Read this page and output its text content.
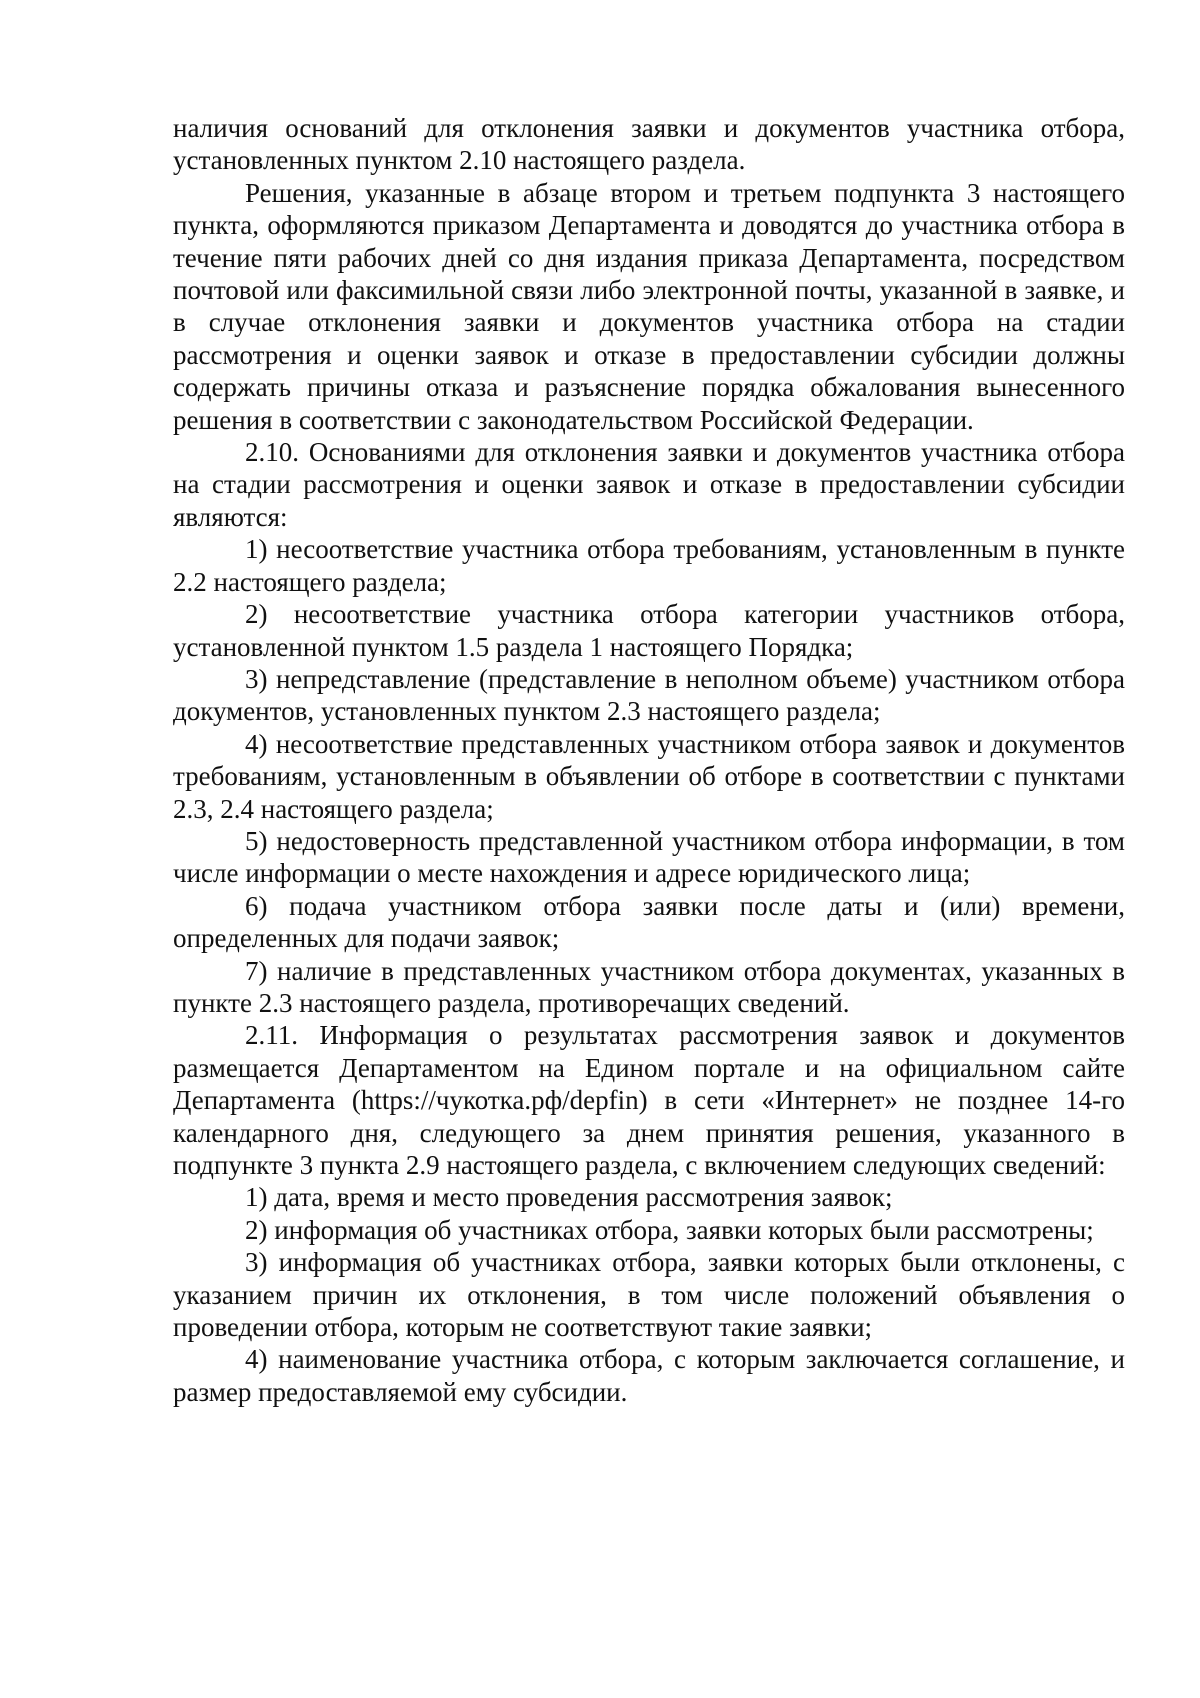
наличия оснований для отклонения заявки и документов участника отбора, установленных пунктом 2.10 настоящего раздела.

Решения, указанные в абзаце втором и третьем подпункта 3 настоящего пункта, оформляются приказом Департамента и доводятся до участника отбора в течение пяти рабочих дней со дня издания приказа Департамента, посредством почтовой или факсимильной связи либо электронной почты, указанной в заявке, и в случае отклонения заявки и документов участника отбора на стадии рассмотрения и оценки заявок и отказе в предоставлении субсидии должны содержать причины отказа и разъяснение порядка обжалования вынесенного решения в соответствии с законодательством Российской Федерации.

2.10. Основаниями для отклонения заявки и документов участника отбора на стадии рассмотрения и оценки заявок и отказе в предоставлении субсидии являются:

1) несоответствие участника отбора требованиям, установленным в пункте 2.2 настоящего раздела;

2) несоответствие участника отбора категории участников отбора, установленной пунктом 1.5 раздела 1 настоящего Порядка;

3) непредставление (представление в неполном объеме) участником отбора документов, установленных пунктом 2.3 настоящего раздела;

4) несоответствие представленных участником отбора заявок и документов требованиям, установленным в объявлении об отборе в соответствии с пунктами 2.3, 2.4 настоящего раздела;

5) недостоверность представленной участником отбора информации, в том числе информации о месте нахождения и адресе юридического лица;

6) подача участником отбора заявки после даты и (или) времени, определенных для подачи заявок;

7) наличие в представленных участником отбора документах, указанных в пункте 2.3 настоящего раздела, противоречащих сведений.

2.11. Информация о результатах рассмотрения заявок и документов размещается Департаментом на Едином портале и на официальном сайте Департамента (https://чукотка.рф/depfin) в сети «Интернет» не позднее 14-го календарного дня, следующего за днем принятия решения, указанного в подпункте 3 пункта 2.9 настоящего раздела, с включением следующих сведений:

1) дата, время и место проведения рассмотрения заявок;

2) информация об участниках отбора, заявки которых были рассмотрены;

3) информация об участниках отбора, заявки которых были отклонены, с указанием причин их отклонения, в том числе положений объявления о проведении отбора, которым не соответствуют такие заявки;

4) наименование участника отбора, с которым заключается соглашение, и размер предоставляемой ему субсидии.
